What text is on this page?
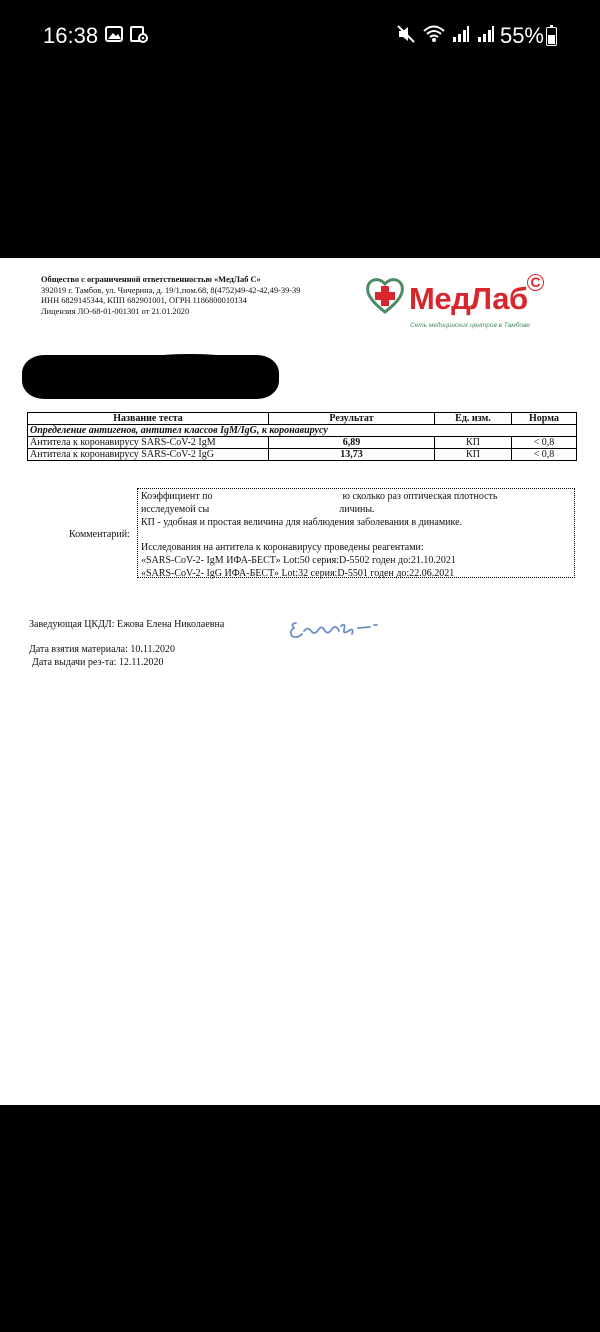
16:38	55%
Общество с ограниченной ответственностью «МедЛаб С»
392019 г. Тамбов, ул. Чичерина, д. 19/1,пом.68, 8(4752)49-42-42,49-39-39
ИНН 6829145344, КПП 682901001, ОГРН 1186800010134
Лицензия ЛО-68-01-001301 от 21.01.2020	МедЛаб С
Сеть медицинских центров в Тамбове
Название теста	Результат	Ед. изм.	Норма
Определение антигенов, антител классов IgM/IgG, к коронавирусу			
Антитела к коронавирусу SARS-CoV-2 IgM	6,89	КП	< 0,8
Антитела к коронавирусу SARS-CoV-2 IgG	13,73	КП	< 0,8
Комментарий:
Коэффициент по	ю сколько раз оптическая плотность
исследуемой сы	личины.
КП - удобная и простая величина для наблюдения заболевания в динамике.
Исследования на антитела к коронавирусу проведены реагентами:
«SARS-CoV-2- IgM ИФА-БЕСТ» Lot:50 серия:D-5502 годен до:21.10.2021
«SARS-CoV-2- IgG ИФА-БЕСТ» Lot:32 серия:D-5501 годен до:22.06.2021
Заведующая ЦКДЛ: Ежова Елена Николаевна
Дата взятия материала: 10.11.2020
Дата выдачи рез-та: 12.11.2020
